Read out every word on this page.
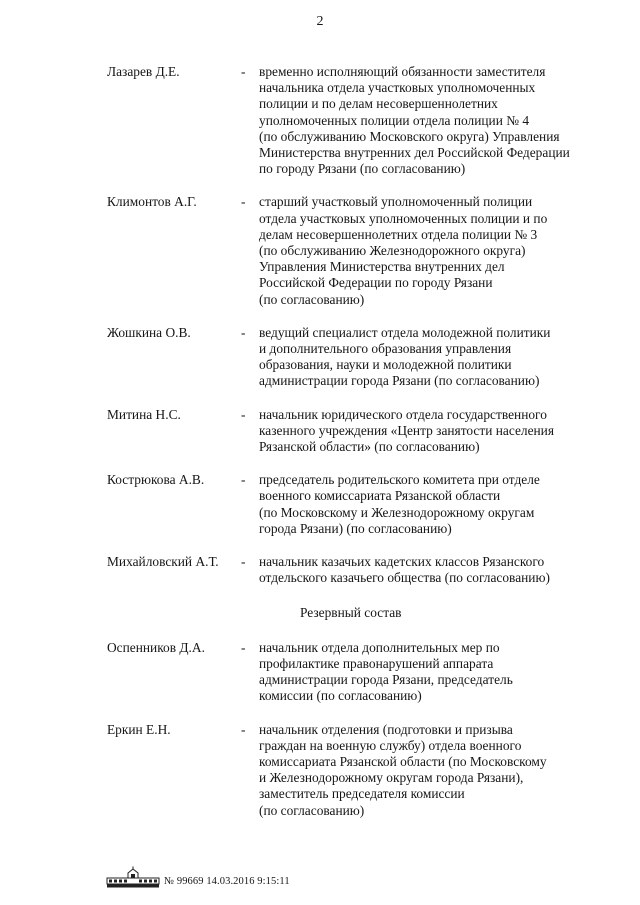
2
Лазарев Д.Е.	-	временно исполняющий обязанности заместителя
начальника отдела участковых уполномоченных
полиции и по делам несовершеннолетних
уполномоченных полиции отдела полиции № 4
(по обслуживанию Московского округа) Управления
Министерства внутренних дел Российской Федерации
по городу Рязани (по согласованию)
Климонтов А.Г.	-	старший участковый уполномоченный полиции
отдела участковых уполномоченных полиции и по
делам несовершеннолетних отдела полиции № 3
(по обслуживанию Железнодорожного округа)
Управления Министерства внутренних дел
Российской Федерации по городу Рязани
(по согласованию)
Жошкина О.В.	-	ведущий специалист отдела молодежной политики
и дополнительного образования управления
образования, науки и молодежной политики
администрации города Рязани (по согласованию)
Митина Н.С.	-	начальник юридического отдела государственного
казенного учреждения «Центр занятости населения
Рязанской области» (по согласованию)
Кострюкова А.В.	-	председатель родительского комитета при отделе
военного комиссариата Рязанской области
(по Московскому и Железнодорожному округам
города Рязани) (по согласованию)
Михайловский А.Т.	-	начальник казачьих кадетских классов Рязанского
отдельского казачьего общества (по согласованию)
Резервный состав
Оспенников Д.А.	-	начальник отдела дополнительных мер по
профилактике правонарушений аппарата
администрации города Рязани, председатель
комиссии (по согласованию)
Еркин Е.Н.	-	начальник отделения (подготовки и призыва
граждан на военную службу) отдела военного
комиссариата Рязанской области (по Московскому
и Железнодорожному округам города Рязани),
заместитель председателя комиссии
(по согласованию)
№ 99669 14.03.2016 9:15:11
